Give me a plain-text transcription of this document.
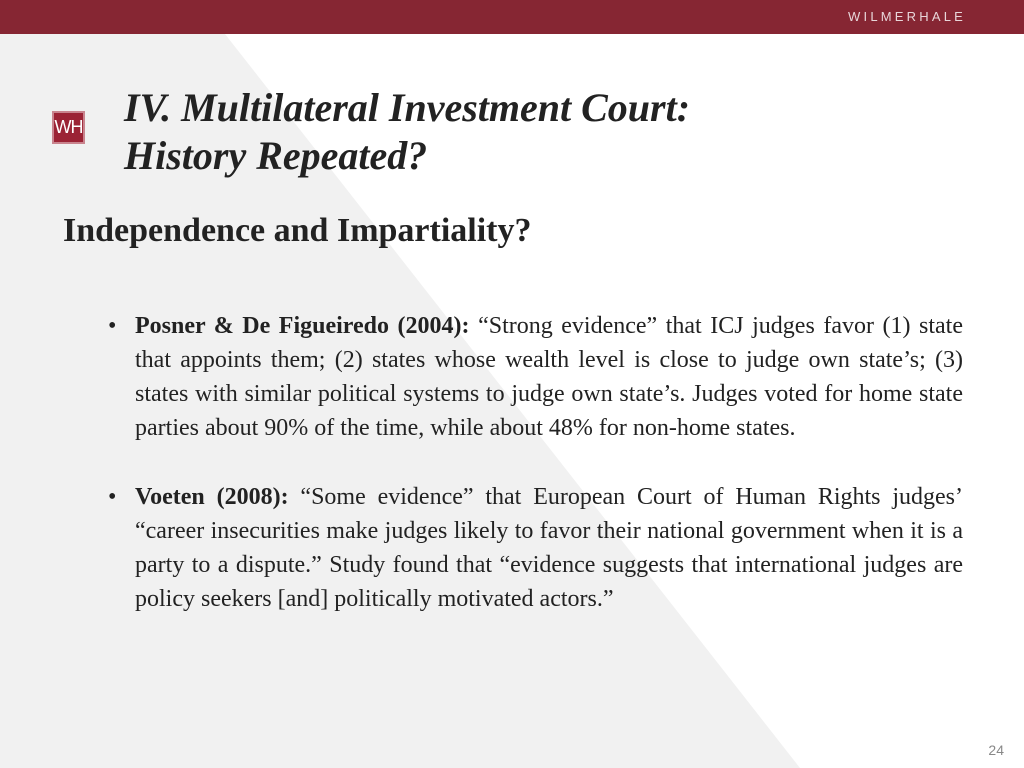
WILMERHALE
WH IV. Multilateral Investment Court:
History Repeated?
Independence and Impartiality?
• Posner & De Figueiredo (2004): “Strong evidence” that ICJ judges favor (1) state that appoints them; (2) states whose wealth level is close to judge own state’s; (3) states with similar political systems to judge own state’s. Judges voted for home state parties about 90% of the time, while about 48% for non-home states.
• Voeten (2008): “Some evidence” that European Court of Human Rights judges’ “career insecurities make judges likely to favor their national government when it is a party to a dispute.” Study found that “evidence suggests that international judges are policy seekers [and] politically motivated actors.”
24
